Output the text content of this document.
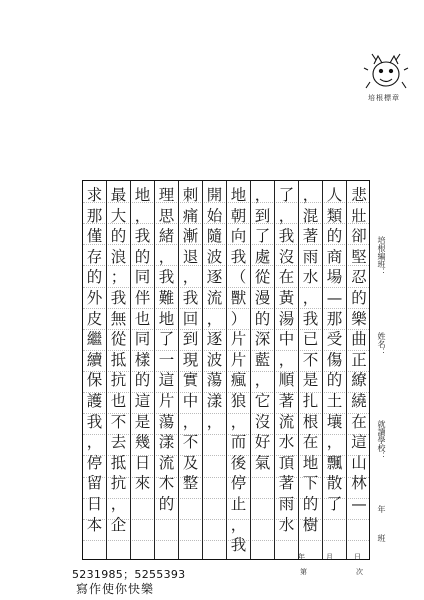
培根標章
悲
壯
卻
堅
忍
的
樂
曲
正
繚
繞
在
這
山
林
—
人
類
的
商
場
—
那
受
傷
的
土
壤
，
飄
散
了
，
混
著
雨
水
，
我
已
不
是
扎
根
在
地
下
的
樹
了
，
我
沒
在
黃
湯
中
，
順
著
流
水
頂
著
雨
水
，
到
了
處
從
漫
的
深
藍
，
它
沒
好
氣
地
朝
向
我
（
獸
）
片
片
瘋
狼
，
而
後
停
止
，
我
開
始
隨
波
逐
流
，
逐
波
蕩
漾
，
刺
痛
漸
退
，
我
回
到
現
實
中
，
不
及
整
理
思
緒
，
我
難
地
了
一
這
片
蕩
漾
流
木
的
地
，
我
的
同
伴
也
同
樣
的
這
是
幾
日
來
最
大
的
浪
；
我
無
從
抵
抗
也
不
去
抵
抗
，
企
求
那
僅
存
的
外
皮
繼
續
保
護
我
，
停
留
日
本
培根編班：
姓名：
就讀學校：
年
班
年	月	日
第	次
5231985；5255393
寫作使你快樂
